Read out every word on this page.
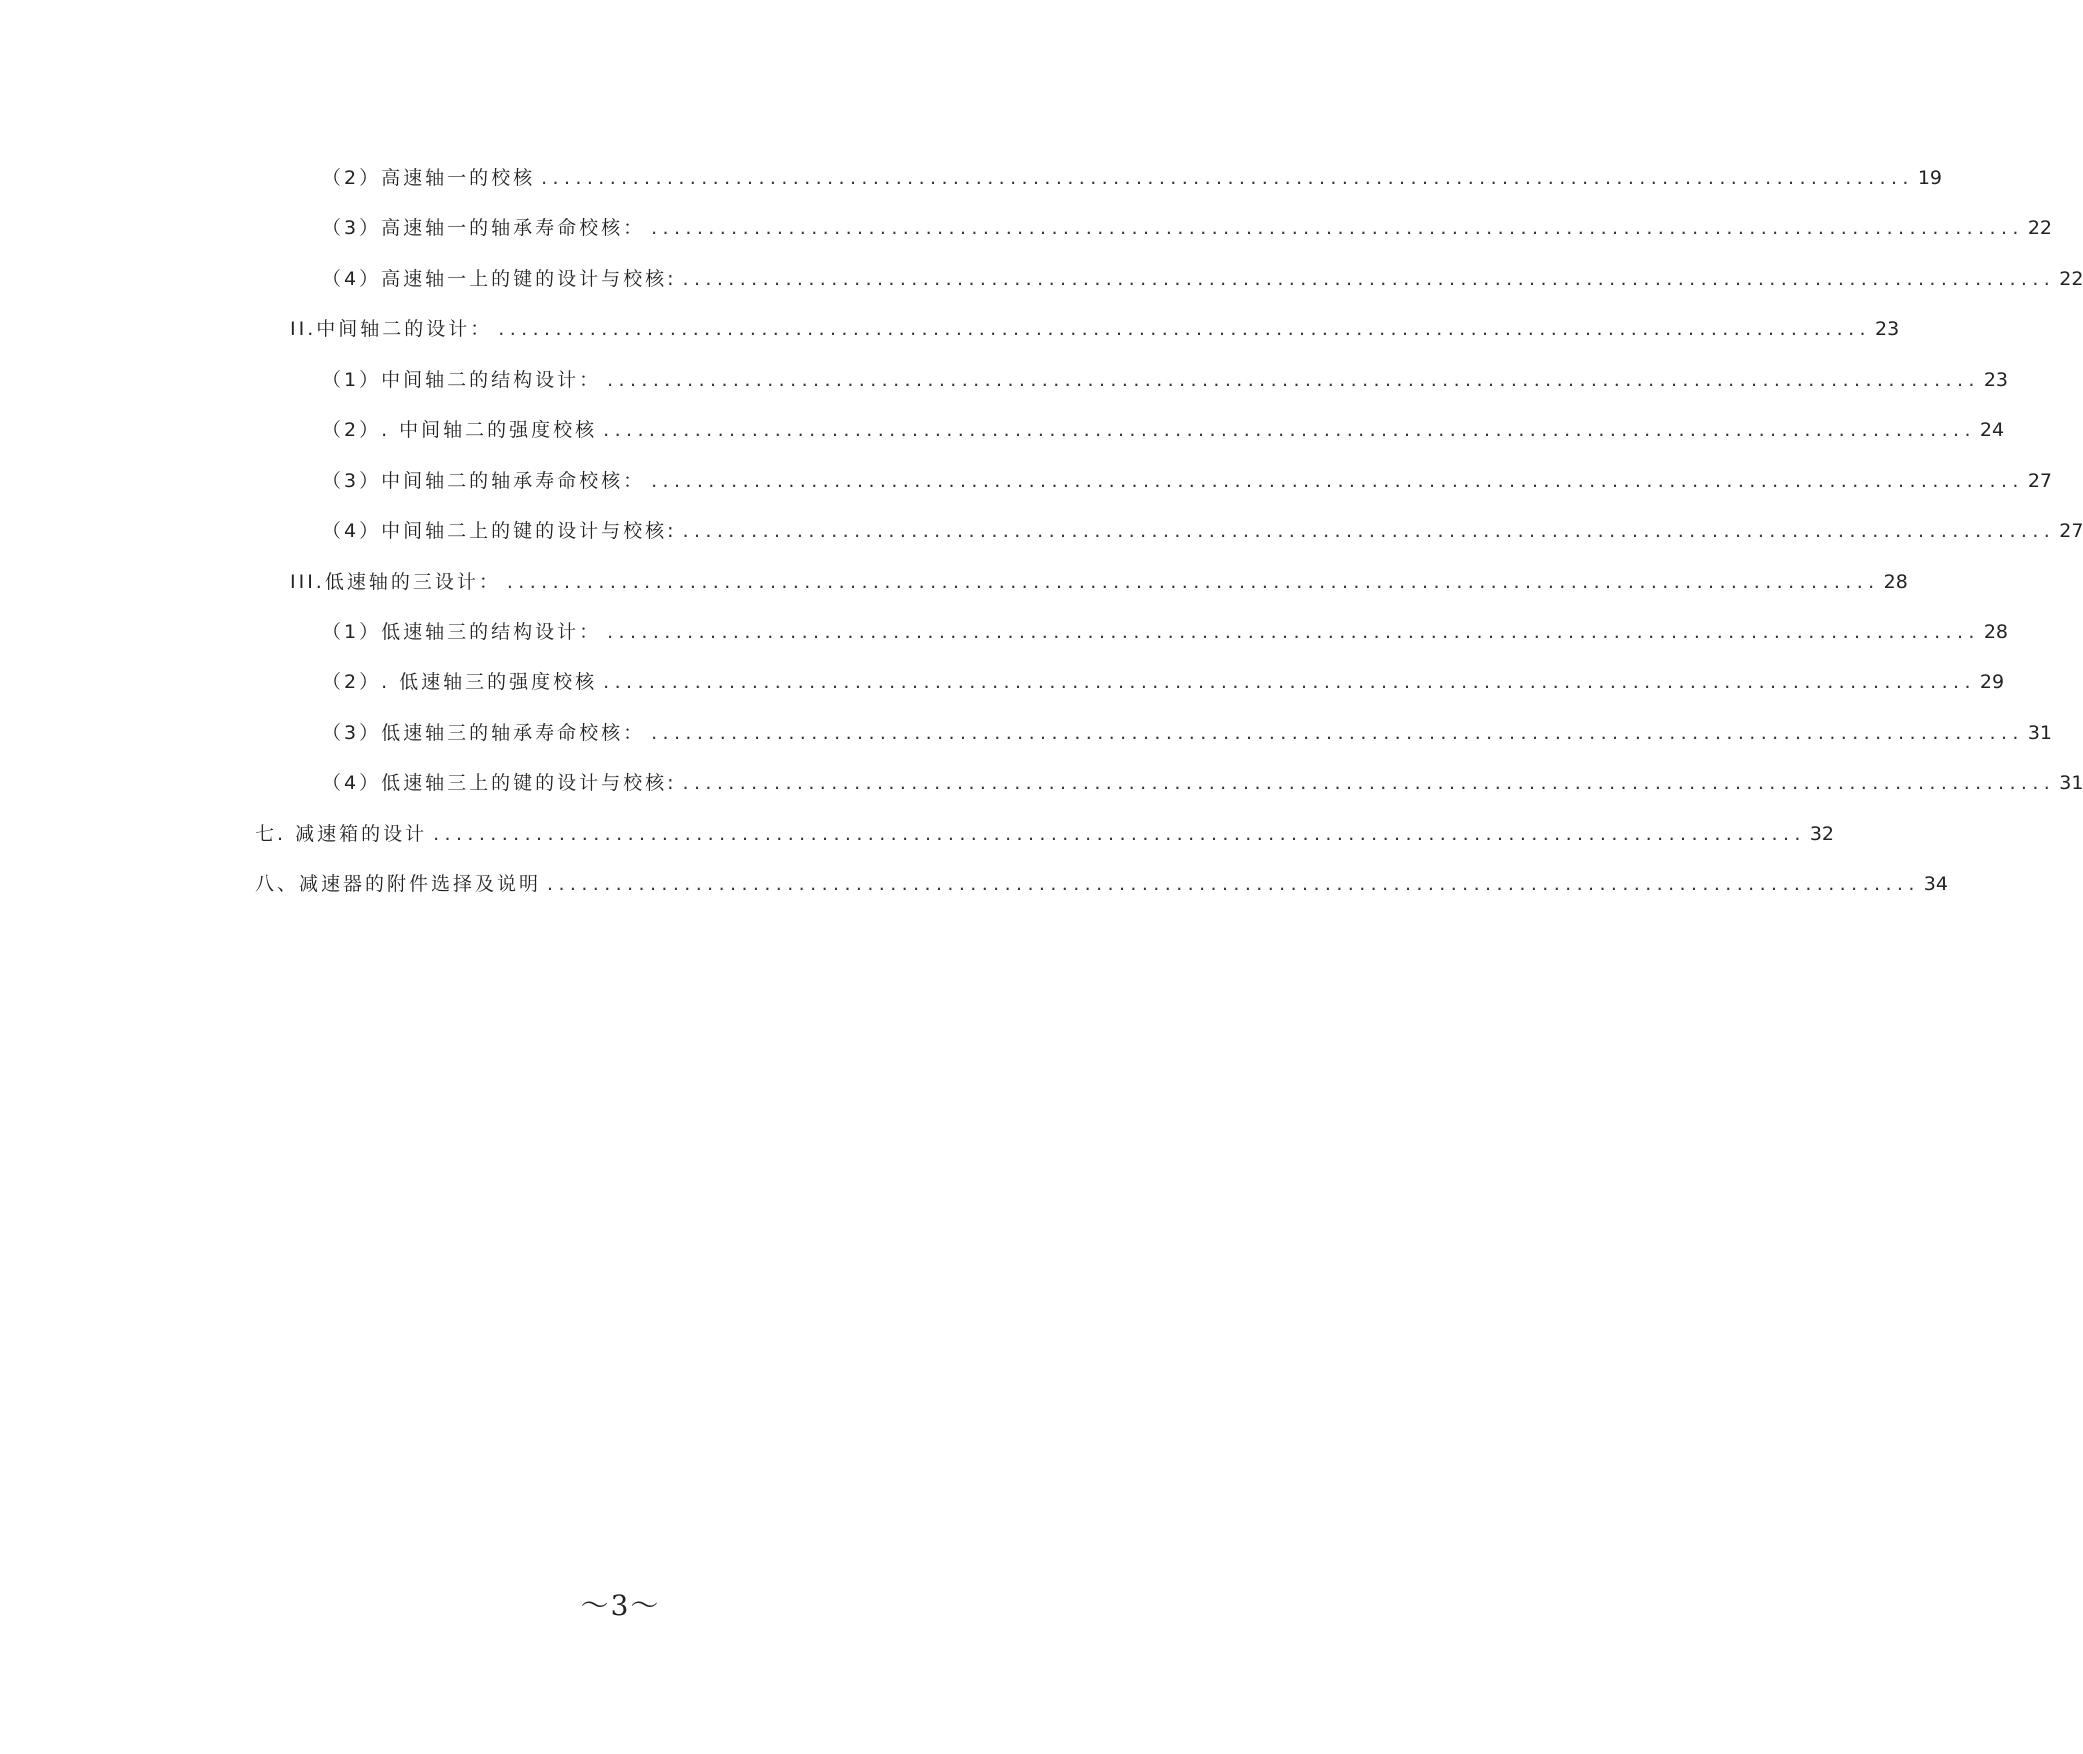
（2）高速轴一的校核 ........................................................................................................................ 19
（3）高速轴一的轴承寿命校核： ........................................................................................................................ 22
（4）高速轴一上的键的设计与校核: ........................................................................................................................ 22
II.中间轴二的设计： ........................................................................................................................ 23
（1）中间轴二的结构设计： ........................................................................................................................ 23
（2）. 中间轴二的强度校核 ........................................................................................................................ 24
（3）中间轴二的轴承寿命校核： ........................................................................................................................ 27
（4）中间轴二上的键的设计与校核: ........................................................................................................................ 27
III.低速轴的三设计： ........................................................................................................................ 28
（1）低速轴三的结构设计： ........................................................................................................................ 28
（2）. 低速轴三的强度校核 ........................................................................................................................ 29
（3）低速轴三的轴承寿命校核： ........................................................................................................................ 31
（4）低速轴三上的键的设计与校核: ........................................................................................................................ 31
七. 减速箱的设计 ........................................................................................................................ 32
八、减速器的附件选择及说明 ........................................................................................................................ 34
～3～
